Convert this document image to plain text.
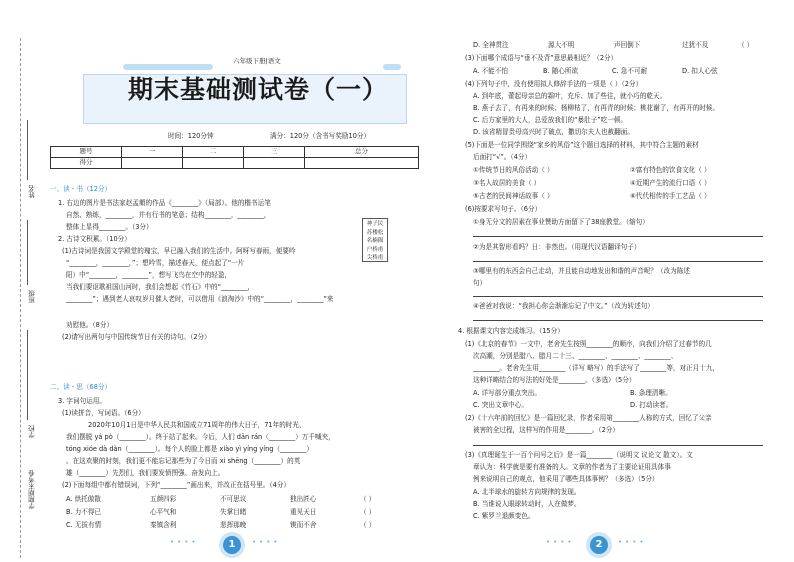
姓名
班级
学校
学期期末考卷
六年级下册|语文
期末基础测试卷（一）
时间：120分钟	满分：120分（含书写奖励10分）
题号	一	二	三	总分
得分				
一、读・书（12分）
1. 右边的图片是书法家赵孟頫的作品《________》（局部）。他的楷书运笔
自然、熟练，________，并有行书的笔意；结构________，________，
整体上显得________。（3分）
2. 古诗文积累。（10分）
(1)古诗词是我国文学殿堂的瑰宝，早已融入我们的生活中。阿呀写春雨，便要吟
“________，________，”；想吟雪，描述春天，便点起了“一片
阳）中“________，________”，想写飞鸟在空中的轻盈，
当我们要讴歌祖国山河时，我们会想起《竹石》中的“________，
________”；遇到老人哀叹岁月催人老时，可以借用《浪淘沙》中的“________，________”来
劝慰他。（8分）
(2)请写出两句与中国传统节日有关的诗句。（2分）
神子民
苏楼松
名楠陨
户桥甫
尖桥甫
二、读・思（68分）
3. 字词句运用。
(1)读拼音，写词语。（6分）
2020年10月1日是中华人民共和国成立71周年的伟大日子，71年的时光，
我们摆脱 yá pò（________）。终于站了起来。今后，人们 dān rán（________）万千喊夹，
tóng xióe dà dàn（________）。每个人的脸上都是 xiào yì yíng yíng（________）
。在这欢聚的时刻，我们更不能忘记那些为了今日而 xi shēng（________）的英
雄（________）先烈们，我们要发愤图强、奋发向上。
(2)下面每组中都有错误词，下列“________”画出来，并改正在括号里。（4分）
A. 烘托傲散	五颜四彩	不可思议	独出匠心	（ ）
B. 力不得已	心平气和	失掌目睹	重见天日	（ ）
C. 无拔有情	秦镇含利	悲挥那晚	锲而不舍	（ ）
••••	1	••••
D. 全神贯注	源大不明	声回倒下	过犹不及	（ ）
(3)下面哪个成语与“垂不及背”意思最相近？（2分）
A. 不能不怕	B. 随心所欲	C. 急不可耐	D. 扣人心弦
(4)下列句子中，没有使用拟人修辞手法的一项是（ ）（2分）
A. 到年底，蕾起母亲总的霜叶，充斥、加了些往，就小巧的乾天。
B. 燕子去了，有再来的时候；杨柳枯了，有再青的时候；桃花谢了，有再开的时候。
C. 后方家里的大人，总爱放我们的“暴肚子”吃一顿。
D. 该省精冒贵母高兴时了破点，撒切尔夫人也赦翻面。
(5)下面是一位同学围绕“家乡的风俗”这个题目选择的材料，其中符合主题的素材
后面打“√”。（4分）
①传统节日的风俗活动（ ）	②富有特色的饮食文化（ ）
③名人故居的美食（ ）	④近期产生的流行口语（ ）
⑤古老的民间神话故事（ ）	⑥代代相传的手工艺品（ ）
(6)按要求写句子。（6分）
①身无分文的居素在事业赞助方面留下了38座教堂。（缩句）
②为是其智形看吗？日：非然也。（用现代汉语翻译句子）
③哪里有的东西会自己走动，并且能自动地发出和谐的声音呢？（改为陈述
句）
④爸爸对我说：“我担心你会渐渐忘记了中文。”（改为转述句）
4. 根据课文内容完成练习。（15分）
(1)《北京的春节》一文中，老舍先生按照________的顺序，向我们介绍了过春节的几
次高潮，分别是腊八、腊月二十三、________、________、________、
________。老舍先生用________（详写 略写）的手法写了________等，对正月十九，
这种详略结合的写法的好处是________。（多选）（5分）
A. 详写部分重点突出。	B. 条理清晰。
C. 突出文章中心。	D. 打动读者。
(2)《十六年前的回忆》是一篇回忆录，作者采用第________人称的方式，回忆了父亲
被害的全过程，这样写的作用是________。（2分）
(3)《真理诞生于一百个问号之后》是一篇________（说明文 议论文 散文）。文
章认为：科学就是要有准备的人。文章的作者为了主要论证用具体事
例来说明自己的观点，他采用了哪些具体事例？（多选）（5分）
A. 北半球水的旋转方向规律的发现。
B. 当谁说人眼球转动时，人在做梦。
C. 紫罗兰退颜变色。
••••	2	••••
